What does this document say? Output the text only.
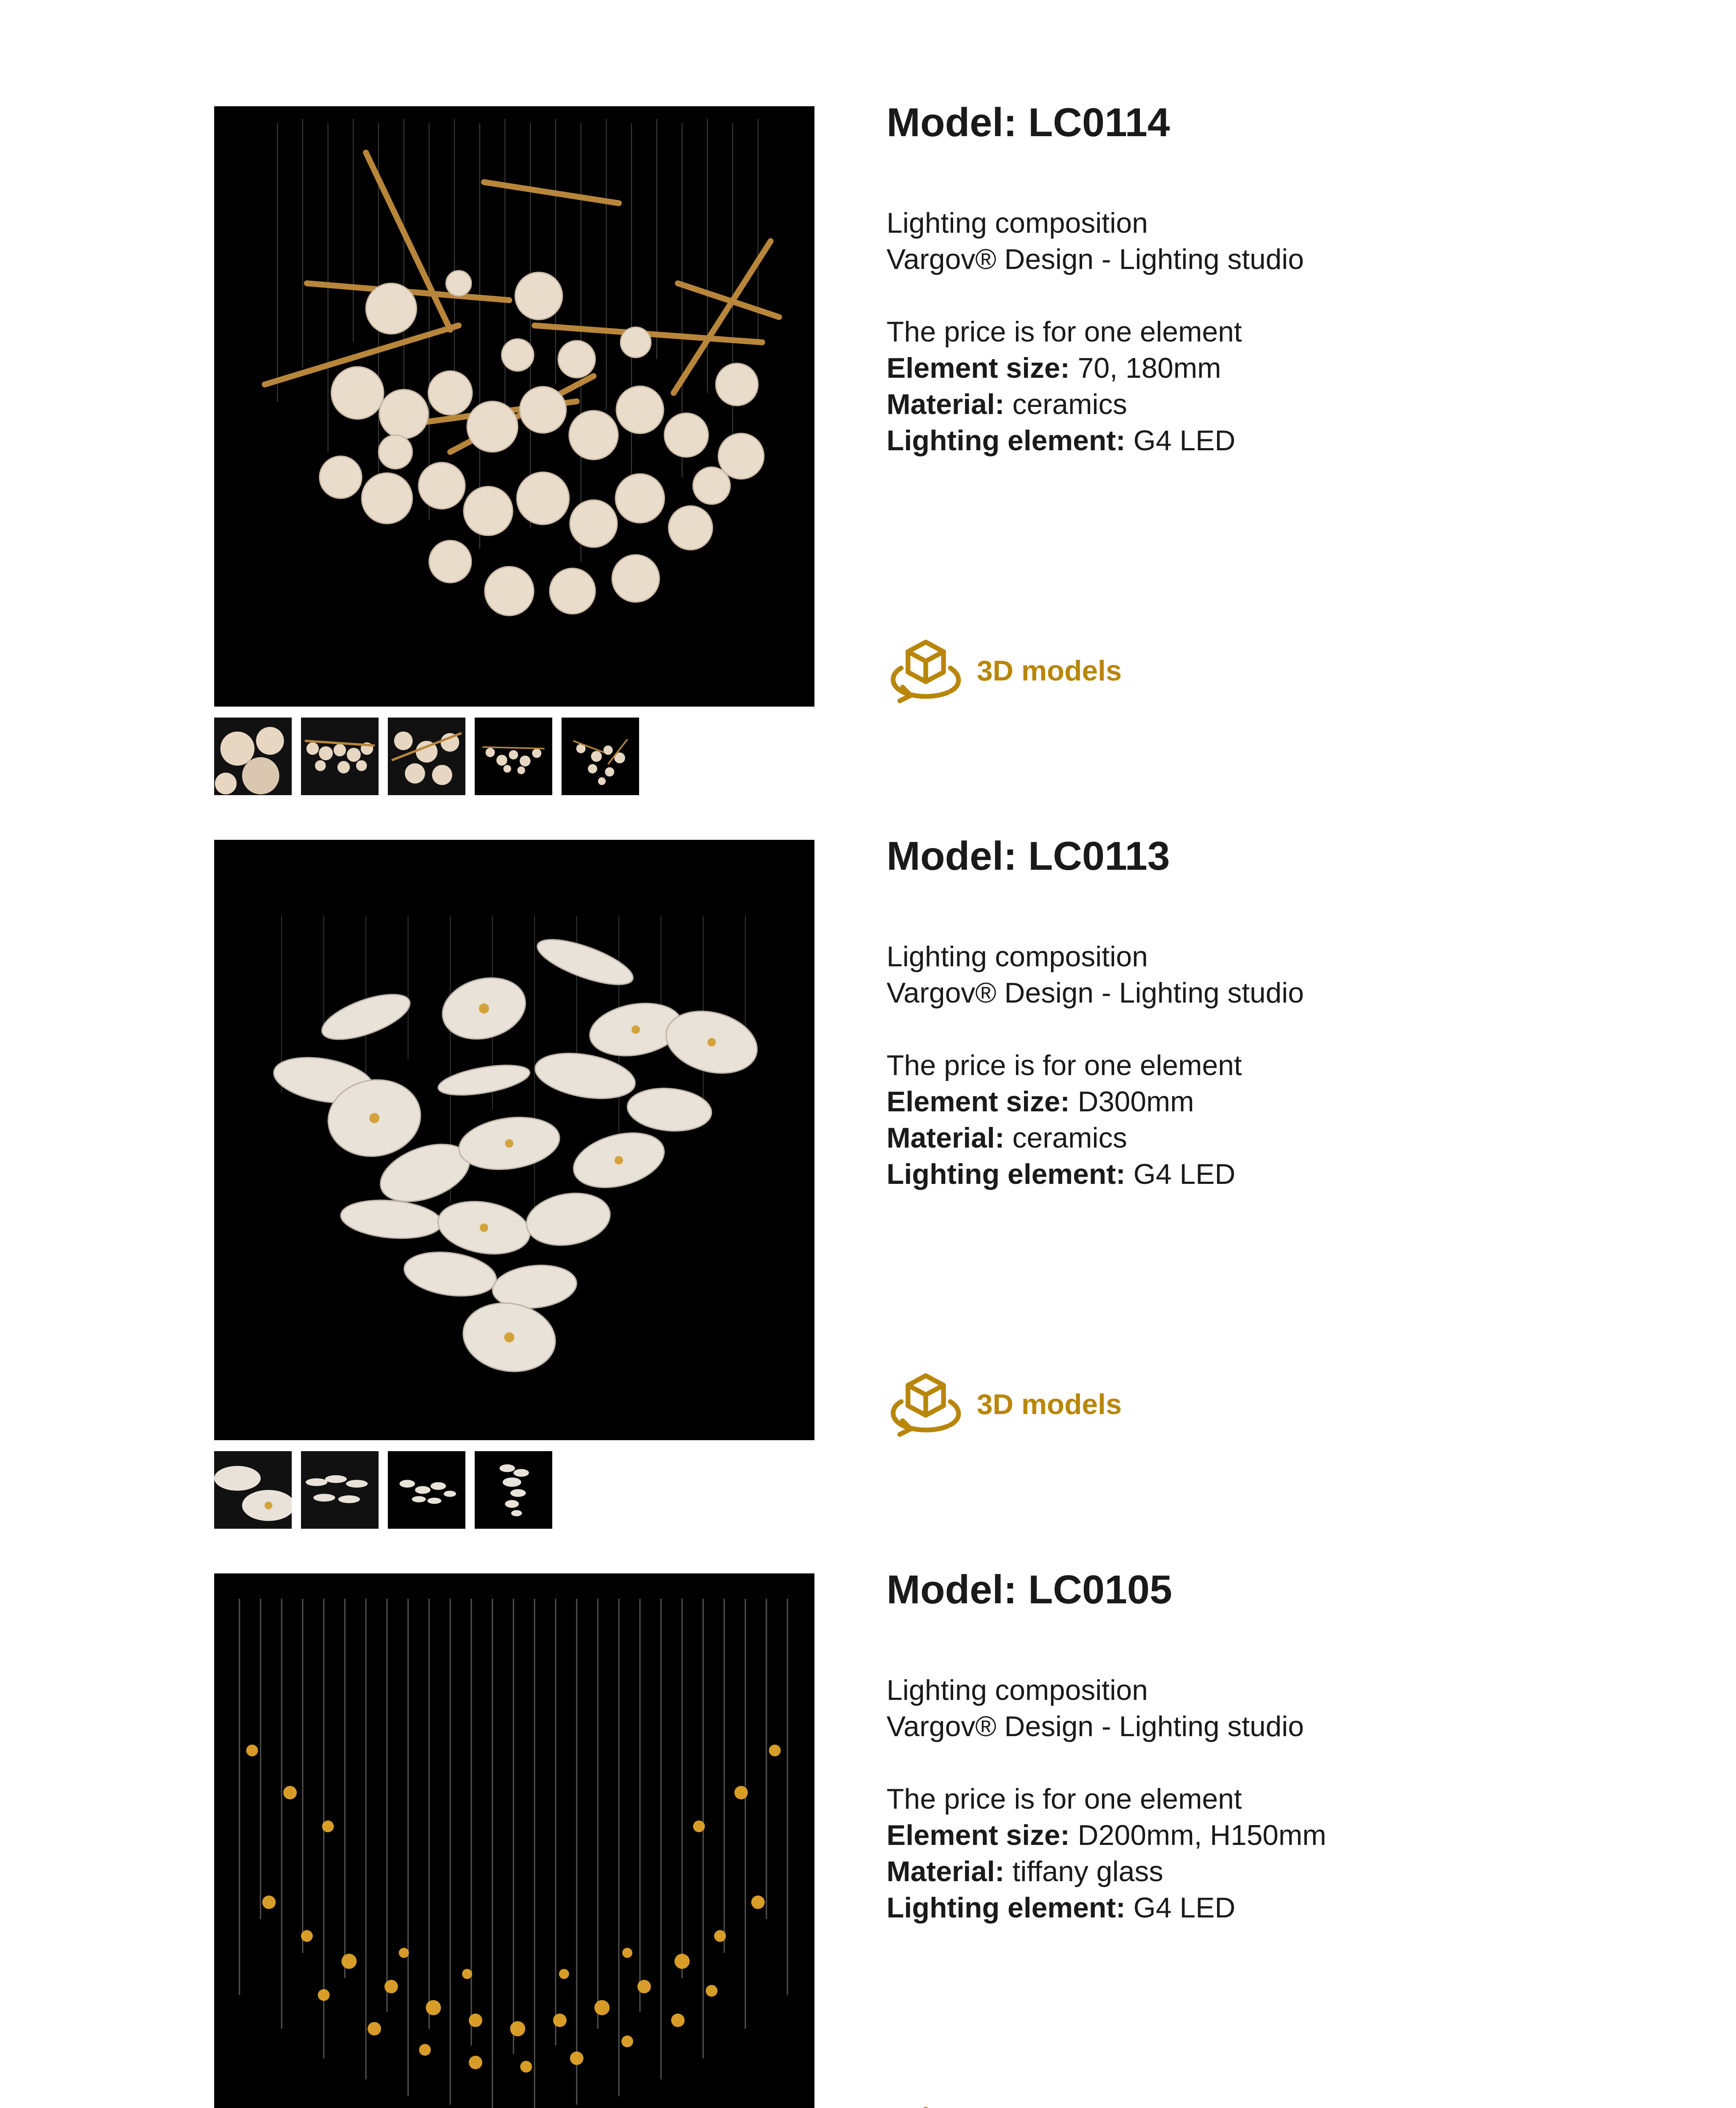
Model: LC0114
Lighting composition
Vargov® Design - Lighting studio
The price is for one element
Element size: 70, 180mm
Material: ceramics
Lighting element: G4 LED
3D models
Model: LC0113
Lighting composition
Vargov® Design - Lighting studio
The price is for one element
Element size: D300mm
Material: ceramics
Lighting element: G4 LED
3D models
Model: LC0105
Lighting composition
Vargov® Design - Lighting studio
The price is for one element
Element size: D200mm, H150mm
Material: tiffany glass
Lighting element: G4 LED
